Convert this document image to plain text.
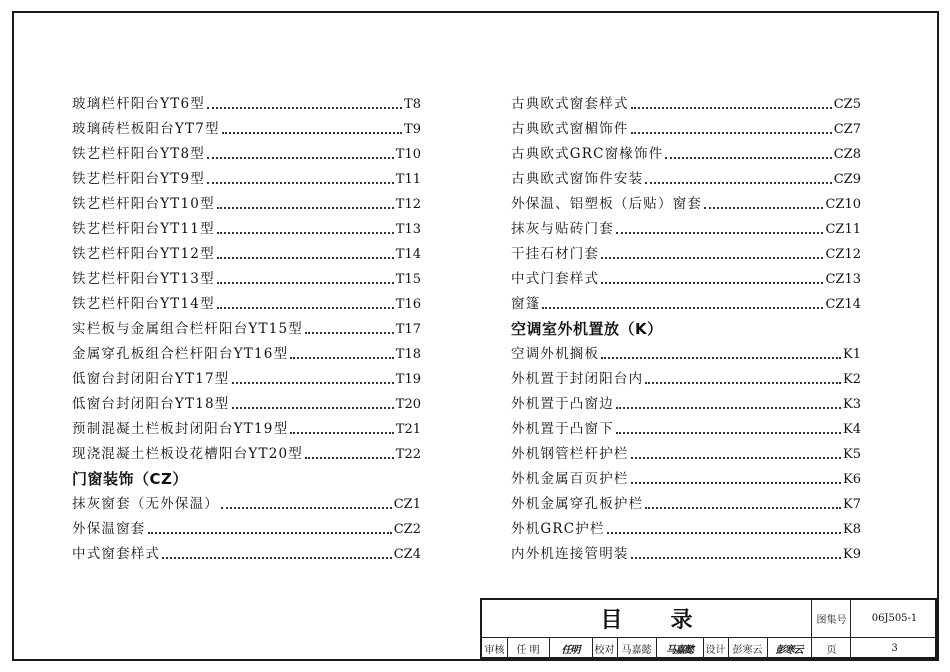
玻璃栏杆阳台YT6型	T8
玻璃砖栏板阳台YT7型	T9
铁艺栏杆阳台YT8型	T10
铁艺栏杆阳台YT9型	T11
铁艺栏杆阳台YT10型	T12
铁艺栏杆阳台YT11型	T13
铁艺栏杆阳台YT12型	T14
铁艺栏杆阳台YT13型	T15
铁艺栏杆阳台YT14型	T16
实栏板与金属组合栏杆阳台YT15型	T17
金属穿孔板组合栏杆阳台YT16型	T18
低窗台封闭阳台YT17型	T19
低窗台封闭阳台YT18型	T20
预制混凝土栏板封闭阳台YT19型	T21
现浇混凝土栏板设花槽阳台YT20型	T22
门窗装饰（CZ）
抹灰窗套（无外保温）	CZ1
外保温窗套	CZ2
中式窗套样式	CZ4
古典欧式窗套样式	CZ5
古典欧式窗楣饰件	CZ7
古典欧式GRC窗椽饰件	CZ8
古典欧式窗饰件安装	CZ9
外保温、铝塑板（后贴）窗套	CZ10
抹灰与贴砖门套	CZ11
干挂石材门套	CZ12
中式门套样式	CZ13
窗篷	CZ14
空调室外机置放（K）
空调外机搁板	K1
外机置于封闭阳台内	K2
外机置于凸窗边	K3
外机置于凸窗下	K4
外机钢管栏杆护栏	K5
外机金属百页护栏	K6
外机金属穿孔板护栏	K7
外机GRC护栏	K8
内外机连接管明装	K9
目录	图集号	06J505-1
审核	任 明	任明	校对 马嘉懿	马嘉懿	设计 彭寒云	彭寒云	页	3
